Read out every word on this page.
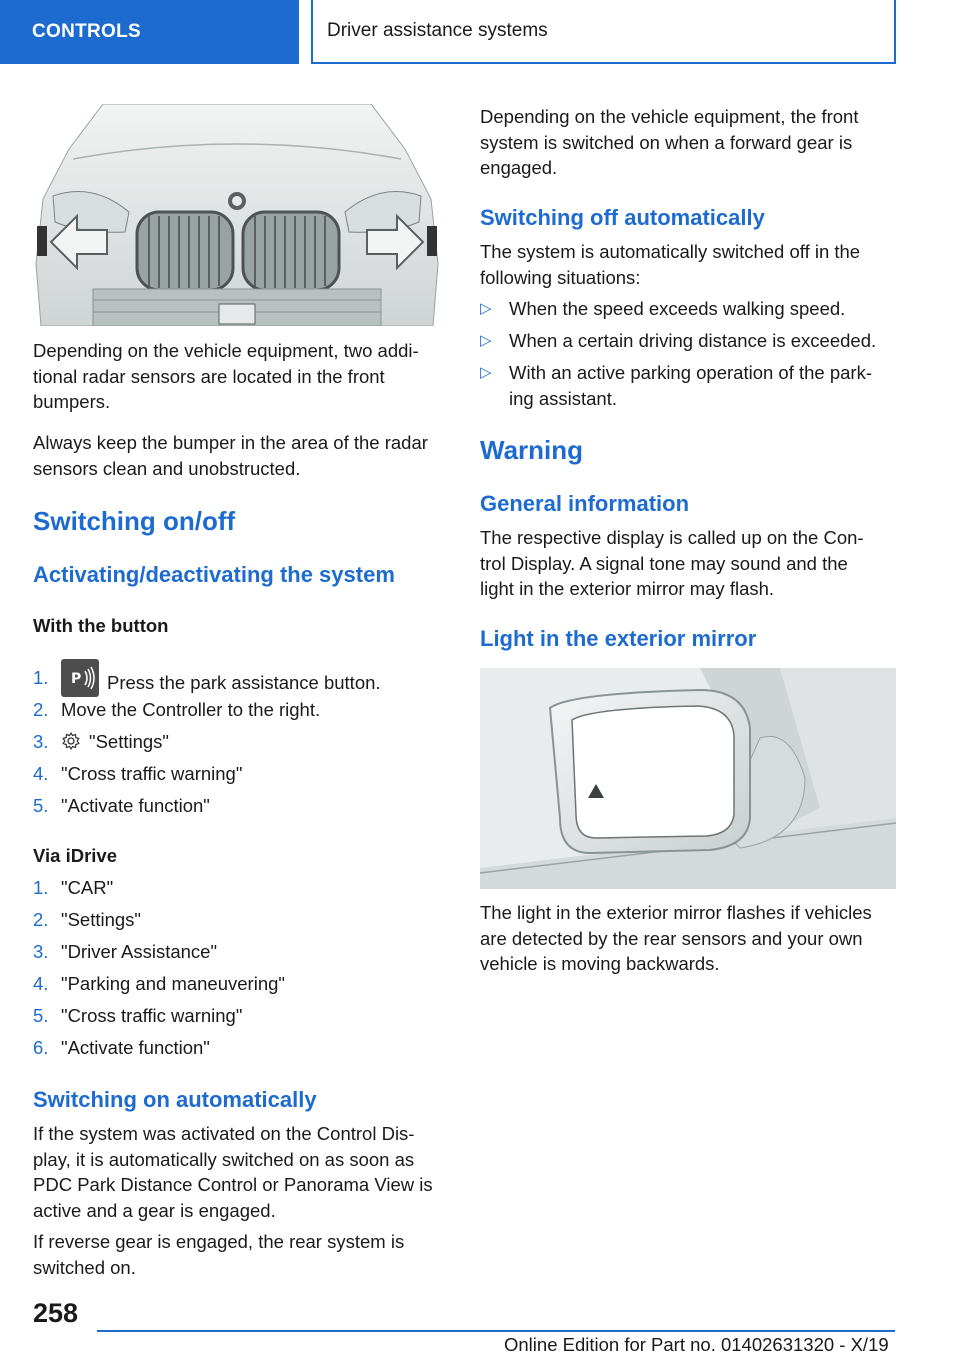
CONTROLS	Driver assistance systems

Depending on the vehicle equipment, two addi-
tional radar sensors are located in the front
bumpers.

Always keep the bumper in the area of the radar
sensors clean and unobstructed.

Switching on/off
Activating/deactivating the system
With the button
1. P Press the park assistance button.
2. Move the Controller to the right.
3.	"Settings"
4. "Cross traffic warning"
5. "Activate function"
Via iDrive
1. "CAR"
2. "Settings"
3. "Driver Assistance"
4. "Parking and maneuvering"
5. "Cross traffic warning"
6. "Activate function"
Switching on automatically

If the system was activated on the Control Dis-
play, it is automatically switched on as soon as
PDC Park Distance Control or Panorama View is
active and a gear is engaged.

If reverse gear is engaged, the rear system is
switched on.

Depending on the vehicle equipment, the front
system is switched on when a forward gear is
engaged.

Switching off automatically

The system is automatically switched off in the
following situations:

▷ When the speed exceeds walking speed.
▷ When a certain driving distance is exceeded.
▷ With an active parking operation of the park-
ing assistant.
Warning
General information

The respective display is called up on the Con-
trol Display. A signal tone may sound and the
light in the exterior mirror may flash.

Light in the exterior mirror

The light in the exterior mirror flashes if vehicles
are detected by the rear sensors and your own
vehicle is moving backwards.

258
Online Edition for Part no. 01402631320 - X/19
